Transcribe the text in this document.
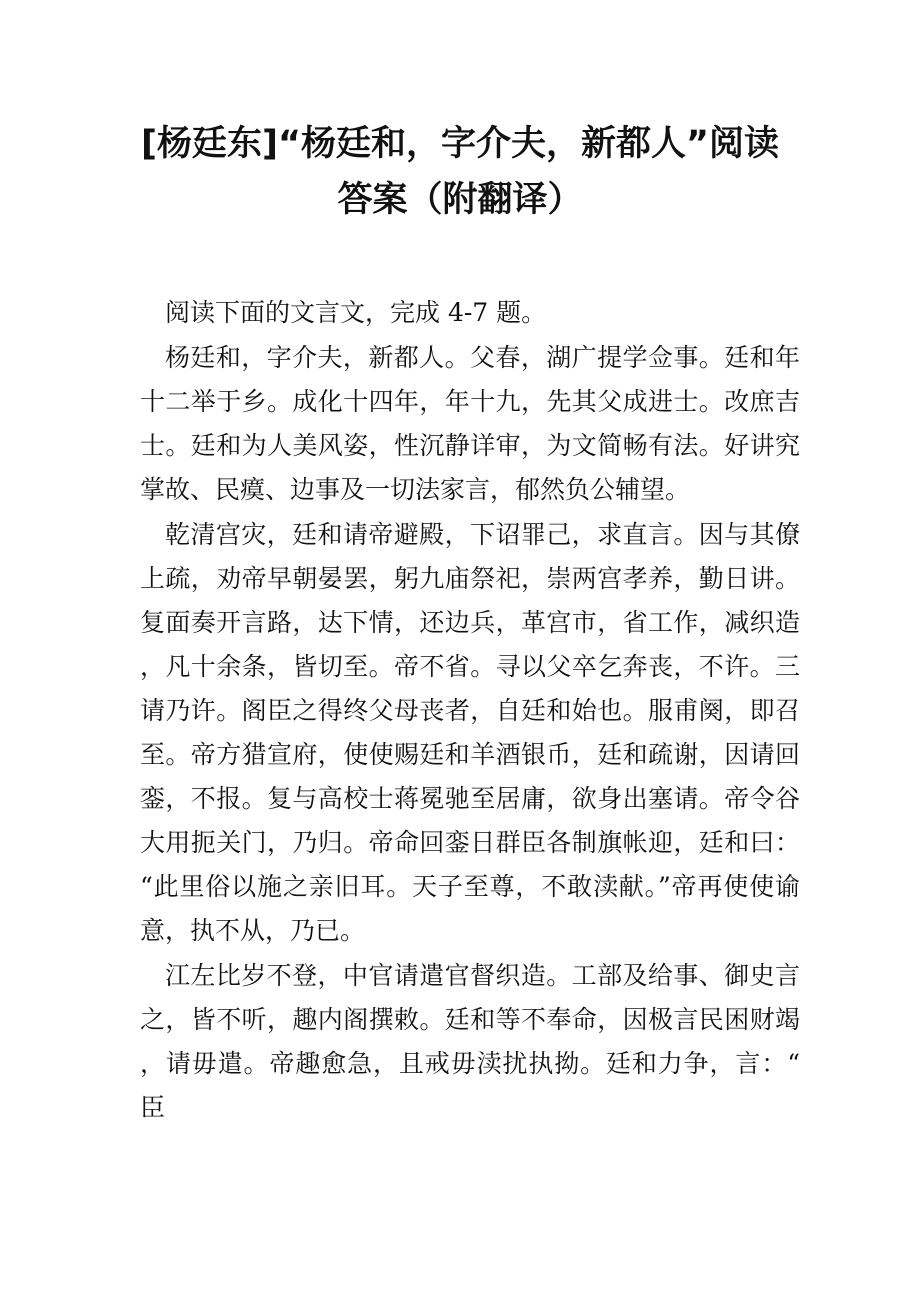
[杨廷东]“杨廷和，字介夫，新都人”阅读
答案（附翻译）

阅读下面的文言文，完成 4-7 题。

杨廷和，字介夫，新都人。父春，湖广提学佥事。廷和年十二举于乡。成化十四年，年十九，先其父成进士。改庶吉士。廷和为人美风姿，性沉静详审，为文简畅有法。好讲究掌故、民瘼、边事及一切法家言，郁然负公辅望。

乾清宫灾，廷和请帝避殿，下诏罪己，求直言。因与其僚上疏，劝帝早朝晏罢，躬九庙祭祀，崇两宫孝养，勤日讲。复面奏开言路，达下情，还边兵，革宫市，省工作，减织造，凡十余条，皆切至。帝不省。寻以父卒乞奔丧，不许。三请乃许。阁臣之得终父母丧者，自廷和始也。服甫阕，即召至。帝方猎宣府，使使赐廷和羊酒银币，廷和疏谢，因请回銮，不报。复与高校士蒋冕驰至居庸，欲身出塞请。帝令谷大用扼关门，乃归。帝命回銮日群臣各制旗帐迎，廷和曰：“此里俗以施之亲旧耳。天子至尊，不敢渎献。”帝再使使谕意，执不从，乃已。

江左比岁不登，中官请遣官督织造。工部及给事、御史言之，皆不听，趣内阁撰敕。廷和等不奉命，因极言民困财竭，请毋遣。帝趣愈急，且戒毋渎扰执拗。廷和力争，言：“臣
